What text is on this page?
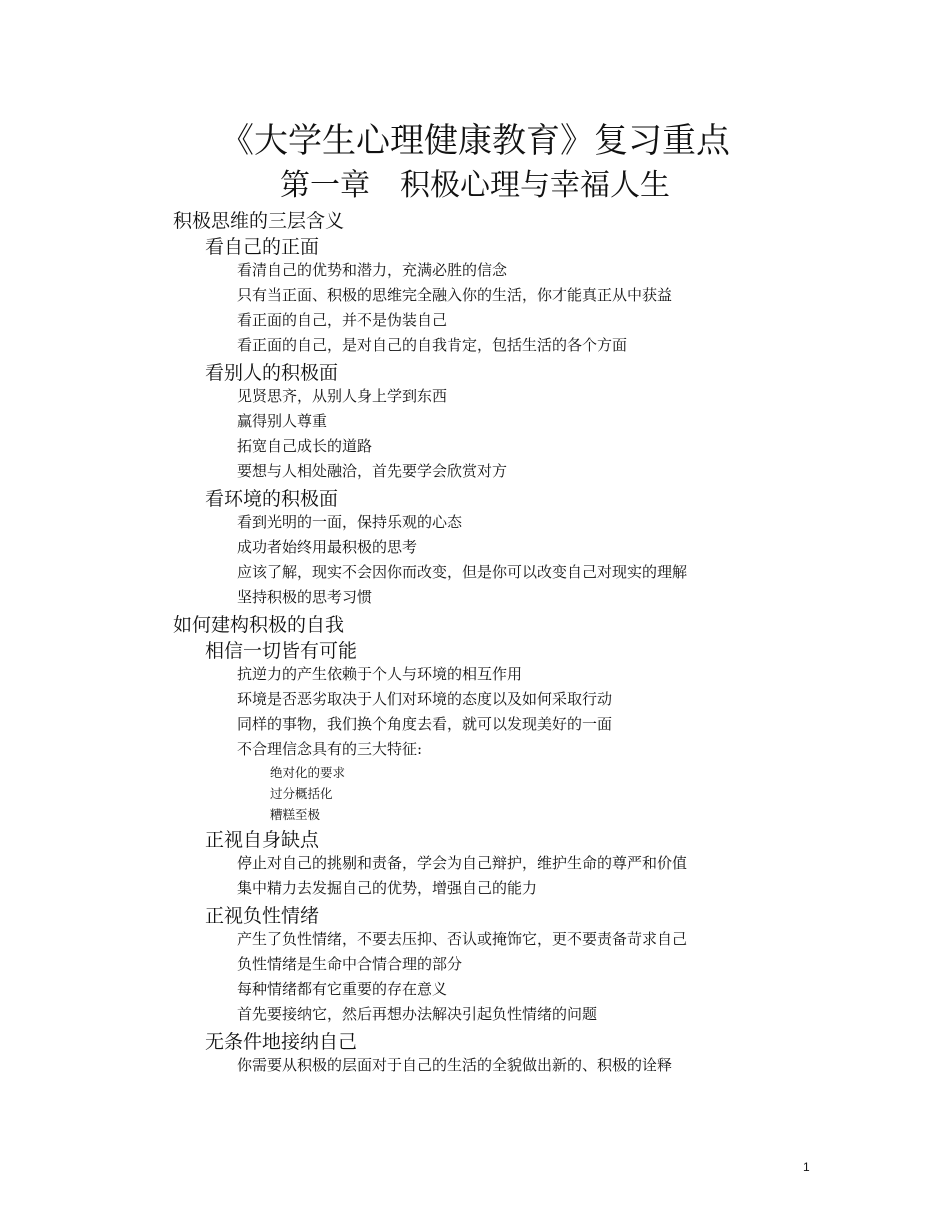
《大学生心理健康教育》复习重点
第一章　积极心理与幸福人生
积极思维的三层含义
看自己的正面
看清自己的优势和潜力，充满必胜的信念
只有当正面、积极的思维完全融入你的生活，你才能真正从中获益
看正面的自己，并不是伪装自己
看正面的自己，是对自己的自我肯定，包括生活的各个方面
看别人的积极面
见贤思齐，从别人身上学到东西
赢得别人尊重
拓宽自己成长的道路
要想与人相处融洽，首先要学会欣赏对方
看环境的积极面
看到光明的一面，保持乐观的心态
成功者始终用最积极的思考
应该了解，现实不会因你而改变，但是你可以改变自己对现实的理解
坚持积极的思考习惯
如何建构积极的自我
相信一切皆有可能
抗逆力的产生依赖于个人与环境的相互作用
环境是否恶劣取决于人们对环境的态度以及如何采取行动
同样的事物，我们换个角度去看，就可以发现美好的一面
不合理信念具有的三大特征:
绝对化的要求
过分概括化
糟糕至极
正视自身缺点
停止对自己的挑剔和责备，学会为自己辩护，维护生命的尊严和价值
集中精力去发掘自己的优势，增强自己的能力
正视负性情绪
产生了负性情绪，不要去压抑、否认或掩饰它，更不要责备苛求自己
负性情绪是生命中合情合理的部分
每种情绪都有它重要的存在意义
首先要接纳它，然后再想办法解决引起负性情绪的问题
无条件地接纳自己
你需要从积极的层面对于自己的生活的全貌做出新的、积极的诠释
1
